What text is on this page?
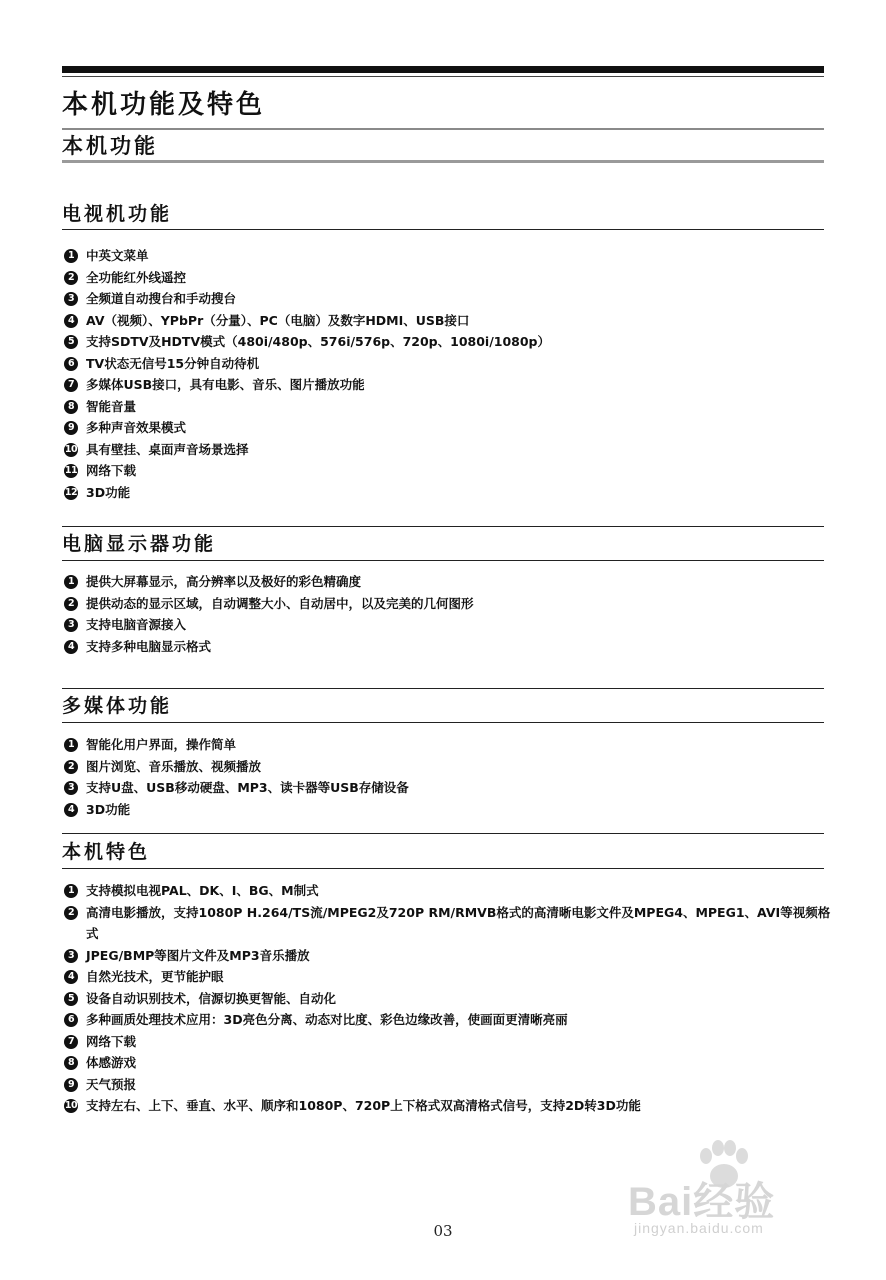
本机功能及特色
本机功能
电视机功能
1 中英文菜单
2 全功能红外线遥控
3 全频道自动搜台和手动搜台
4 AV（视频）、YPbPr（分量）、PC（电脑）及数字HDMI、USB接口
5 支持SDTV及HDTV模式（480i/480p、576i/576p、720p、1080i/1080p）
6 TV状态无信号15分钟自动待机
7 多媒体USB接口，具有电影、音乐、图片播放功能
8 智能音量
9 多种声音效果模式
10 具有壁挂、桌面声音场景选择
11 网络下载
12 3D功能
电脑显示器功能
1 提供大屏幕显示，高分辨率以及极好的彩色精确度
2 提供动态的显示区域，自动调整大小、自动居中，以及完美的几何图形
3 支持电脑音源接入
4 支持多种电脑显示格式
多媒体功能
1 智能化用户界面，操作简单
2 图片浏览、音乐播放、视频播放
3 支持U盘、USB移动硬盘、MP3、读卡器等USB存储设备
4 3D功能
本机特色
1 支持模拟电视PAL、DK、I、BG、M制式
2 高清电影播放，支持1080P H.264/TS流/MPEG2及720P RM/RMVB格式的高清晰电影文件及MPEG4、MPEG1、AVI等视频格式
3 JPEG/BMP等图片文件及MP3音乐播放
4 自然光技术，更节能护眼
5 设备自动识别技术，信源切换更智能、自动化
6 多种画质处理技术应用：3D亮色分离、动态对比度、彩色边缘改善，使画面更清晰亮丽
7 网络下载
8 体感游戏
9 天气预报
10 支持左右、上下、垂直、水平、顺序和1080P、720P上下格式双高清格式信号，支持2D转3D功能
Bai经验
jingyan.baidu.com
03
